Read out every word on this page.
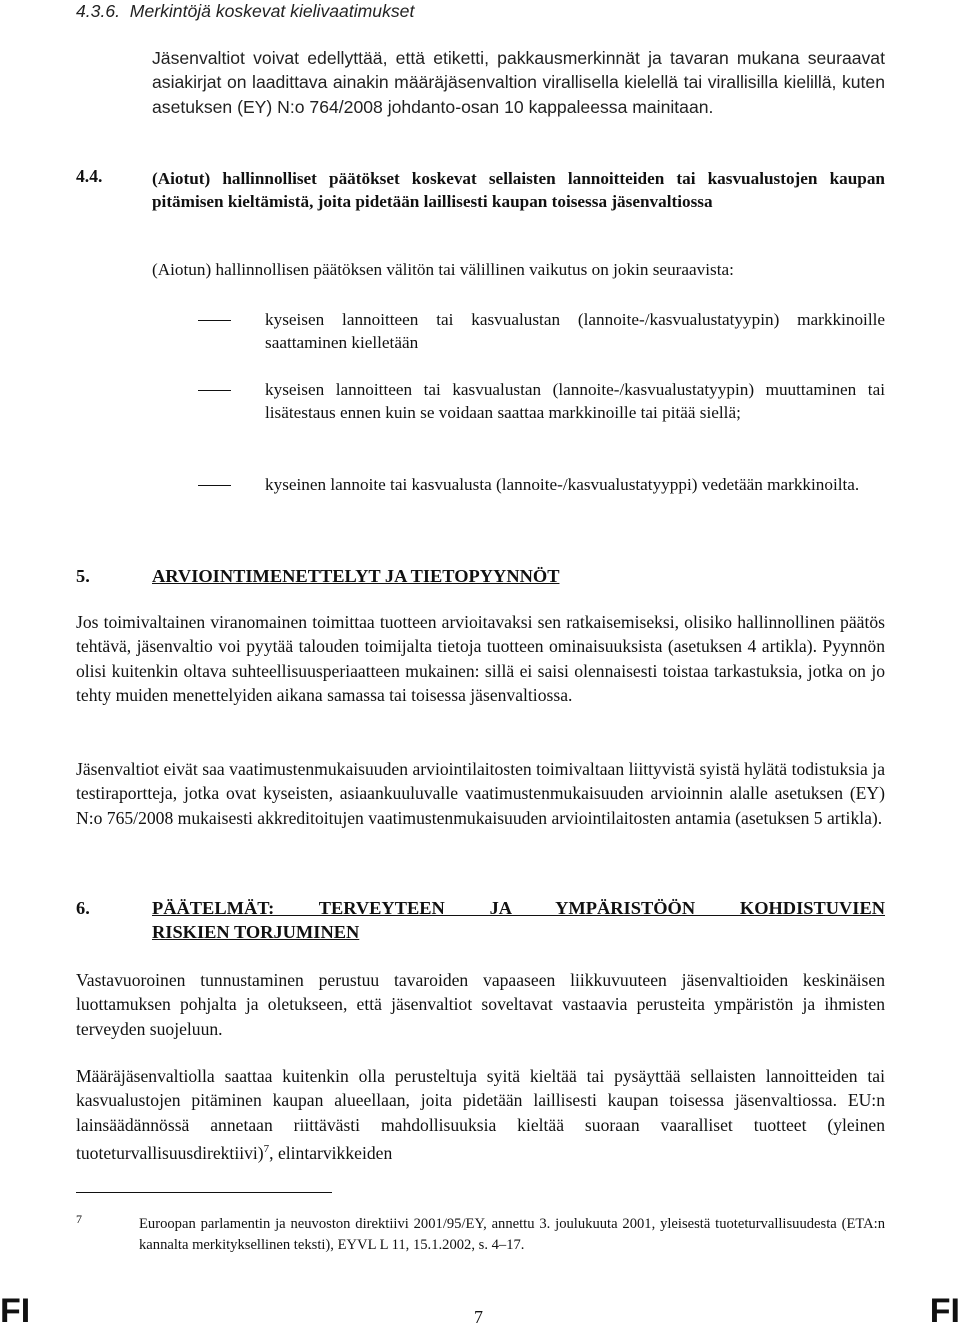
4.3.6.  Merkintöjä koskevat kielivaatimukset
Jäsenvaltiot voivat edellyttää, että etiketti, pakkausmerkinnät ja tavaran mukana seuraavat asiakirjat on laadittava ainakin määräjäsenvaltion virallisella kielellä tai virallisilla kielillä, kuten asetuksen (EY) N:o 764/2008 johdanto-osan 10 kappaleessa mainitaan.
4.4.	(Aiotut) hallinnolliset päätökset koskevat sellaisten lannoitteiden tai kasvualustojen kaupan pitämisen kieltämistä, joita pidetään laillisesti kaupan toisessa jäsenvaltiossa
(Aiotun) hallinnollisen päätöksen välitön tai välillinen vaikutus on jokin seuraavista:
kyseisen lannoitteen tai kasvualustan (lannoite-/kasvualustatyypin) markkinoille saattaminen kielletään
kyseisen lannoitteen tai kasvualustan (lannoite-/kasvualustatyypin) muuttaminen tai lisätestaus ennen kuin se voidaan saattaa markkinoille tai pitää siellä;
kyseinen lannoite tai kasvualusta (lannoite-/kasvualustatyyppi) vedetään markkinoilta.
5.	ARVIOINTIMENETTELYT JA TIETOPYYNNÖT
Jos toimivaltainen viranomainen toimittaa tuotteen arvioitavaksi sen ratkaisemiseksi, olisiko hallinnollinen päätös tehtävä, jäsenvaltio voi pyytää talouden toimijalta tietoja tuotteen ominaisuuksista (asetuksen 4 artikla). Pyynnön olisi kuitenkin oltava suhteellisuusperiaatteen mukainen: sillä ei saisi olennaisesti toistaa tarkastuksia, jotka on jo tehty muiden menettelyiden aikana samassa tai toisessa jäsenvaltiossa.
Jäsenvaltiot eivät saa vaatimustenmukaisuuden arviointilaitosten toimivaltaan liittyvistä syistä hylätä todistuksia ja testiraportteja, jotka ovat kyseisten, asiaankuuluvalle vaatimustenmukaisuuden arvioinnin alalle asetuksen (EY) N:o 765/2008 mukaisesti akkreditoitujen vaatimustenmukaisuuden arviointilaitosten antamia (asetuksen 5 artikla).
6.	PÄÄTELMÄT: TERVEYTEEN JA YMPÄRISTÖÖN KOHDISTUVIEN
RISKIEN TORJUMINEN
Vastavuoroinen tunnustaminen perustuu tavaroiden vapaaseen liikkuvuuteen jäsenvaltioiden keskinäisen luottamuksen pohjalta ja oletukseen, että jäsenvaltiot soveltavat vastaavia perusteita ympäristön ja ihmisten terveyden suojeluun.
Määräjäsenvaltiolla saattaa kuitenkin olla perusteltuja syitä kieltää tai pysäyttää sellaisten lannoitteiden tai kasvualustojen pitäminen kaupan alueellaan, joita pidetään laillisesti kaupan toisessa jäsenvaltiossa. EU:n lainsäädännössä annetaan riittävästi mahdollisuuksia kieltää suoraan vaaralliset tuotteet (yleinen tuoteturvallisuusdirektiivi)$^7$, elintarvikkeiden
7	Euroopan parlamentin ja neuvoston direktiivi 2001/95/EY, annettu 3. joulukuuta 2001, yleisestä tuoteturvallisuudesta (ETA:n kannalta merkityksellinen teksti), EYVL L 11, 15.1.2002, s. 4–17.
FI	7	FI
